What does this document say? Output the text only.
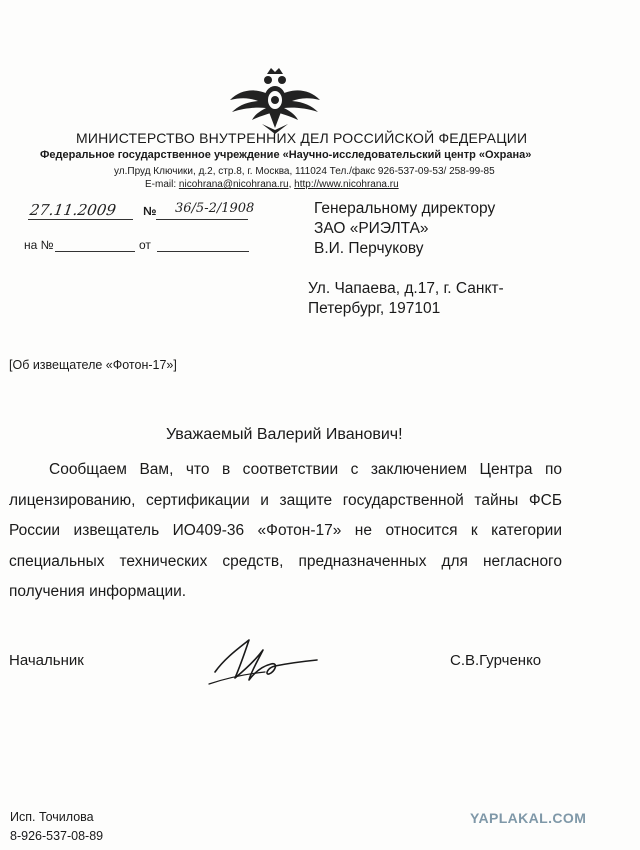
МИНИСТЕРСТВО ВНУТРЕННИХ ДЕЛ РОССИЙСКОЙ ФЕДЕРАЦИИ
Федеральное государственное учреждение «Научно-исследовательский центр «Охрана»
ул.Пруд Ключики, д.2, стр.8, г. Москва, 111024 Тел./факс 926-537-09-53/ 258-99-85
E-mail: nicohrana@nicohrana.ru, http://www.nicohrana.ru
27.11.2009 № 36/5-2/1908
на №	от
Генеральному директору
ЗАО «РИЭЛТА»
В.И. Перчукову
Ул. Чапаева, д.17, г. Санкт-
Петербург, 197101
[Об извещателе «Фотон-17»]
Уважаемый Валерий Иванович!
Сообщаем Вам, что в соответствии с заключением Центра по лицензированию, сертификации и защите государственной тайны ФСБ России извещатель ИО409-36 «Фотон-17» не относится к категории специальных технических средств, предназначенных для негласного получения информации.
Начальник	С.В.Гурченко
Исп. Точилова
8-926-537-08-89
YAPLAKAL.COM
